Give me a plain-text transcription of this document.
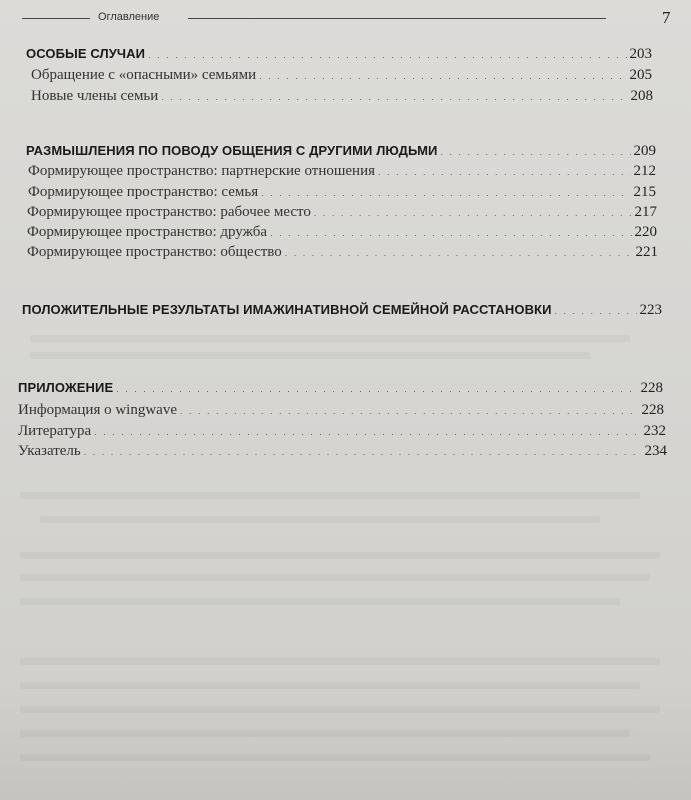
Оглавление	7
ОСОБЫЕ СЛУЧАИ . . .	203
Обращение с «опасными» семьями . . .	205
Новые члены семьи . . .	208
РАЗМЫШЛЕНИЯ ПО ПОВОДУ ОБЩЕНИЯ С ДРУГИМИ ЛЮДЬМИ . . .	209
Формирующее пространство: партнерские отношения . . .	212
Формирующее пространство: семья . . .	215
Формирующее пространство: рабочее место . . .	217
Формирующее пространство: дружба . . .	220
Формирующее пространство: общество . . .	221
ПОЛОЖИТЕЛЬНЫЕ РЕЗУЛЬТАТЫ ИМАЖИНАТИВНОЙ СЕМЕЙНОЙ РАССТАНОВКИ . . .	223
ПРИЛОЖЕНИЕ . . .	228
Информация о wingwave . . .	228
Литература . . .	232
Указатель . . .	234
